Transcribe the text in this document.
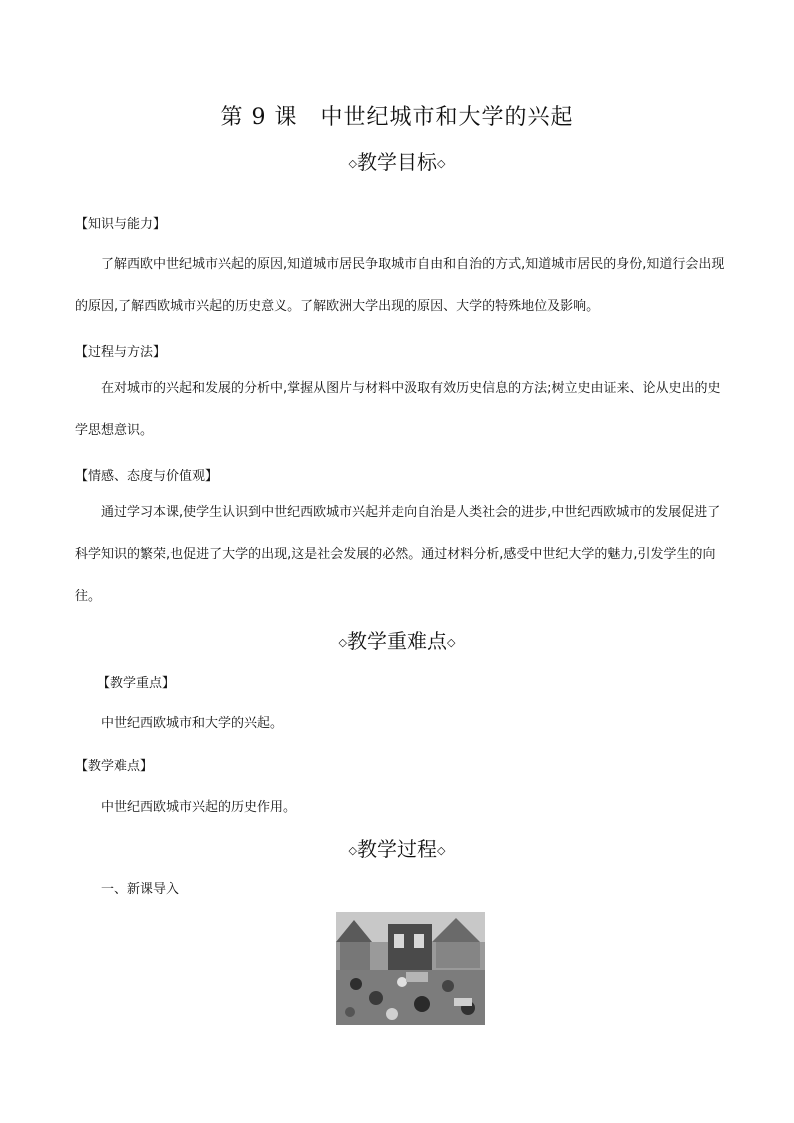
第 9 课　中世纪城市和大学的兴起
◇教学目标◇
【知识与能力】
了解西欧中世纪城市兴起的原因,知道城市居民争取城市自由和自治的方式,知道城市居民的身份,知道行会出现的原因,了解西欧城市兴起的历史意义。了解欧洲大学出现的原因、大学的特殊地位及影响。
【过程与方法】
在对城市的兴起和发展的分析中,掌握从图片与材料中汲取有效历史信息的方法;树立史由证来、论从史出的史学思想意识。
【情感、态度与价值观】
通过学习本课,使学生认识到中世纪西欧城市兴起并走向自治是人类社会的进步,中世纪西欧城市的发展促进了科学知识的繁荣,也促进了大学的出现,这是社会发展的必然。通过材料分析,感受中世纪大学的魅力,引发学生的向往。
◇教学重难点◇
【教学重点】
中世纪西欧城市和大学的兴起。
【教学难点】
中世纪西欧城市兴起的历史作用。
◇教学过程◇
一、新课导入
